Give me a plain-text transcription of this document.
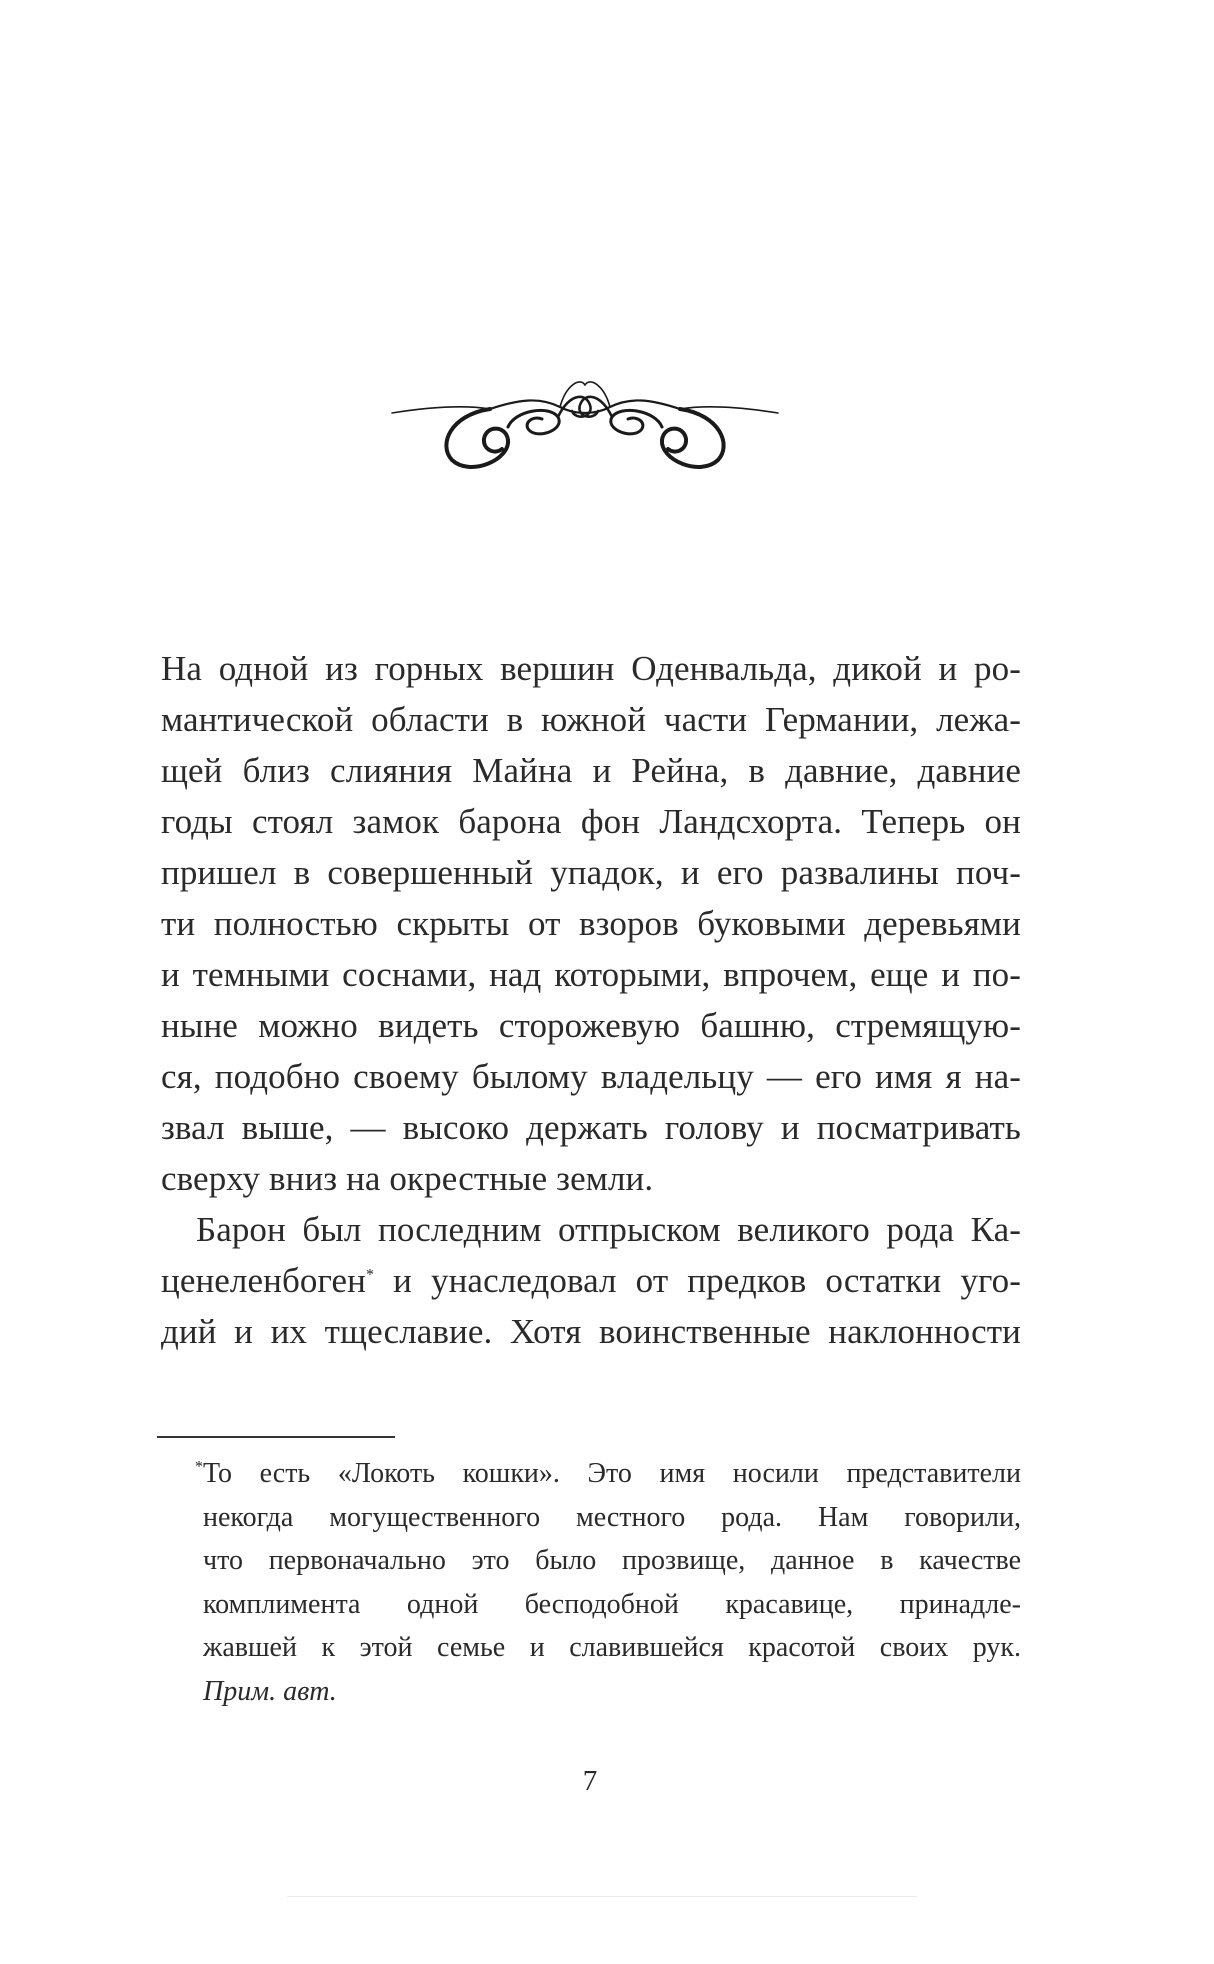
На одной из горных вершин Оденвальда, дикой и ро-
мантической области в южной части Германии, лежа-
щей близ слияния Майна и Рейна, в давние, давние
годы стоял замок барона фон Ландсхорта. Теперь он
пришел в совершенный упадок, и его развалины поч-
ти полностью скрыты от взоров буковыми деревьями
и темными соснами, над которыми, впрочем, еще и по-
ныне можно видеть сторожевую башню, стремящую-
ся, подобно своему былому владельцу — его имя я на-
звал выше, — высоко держать голову и посматривать
сверху вниз на окрестные земли.
Барон был последним отпрыском великого рода Ка-
ценеленбоген* и унаследовал от предков остатки уго-
дий и их тщеславие. Хотя воинственные наклонности
*То есть «Локоть кошки». Это имя носили представители
некогда могущественного местного рода. Нам говорили,
что первоначально это было прозвище, данное в качестве
комплимента одной бесподобной красавице, принадле-
жавшей к этой семье и славившейся красотой своих рук.
Прим. авт.
7
